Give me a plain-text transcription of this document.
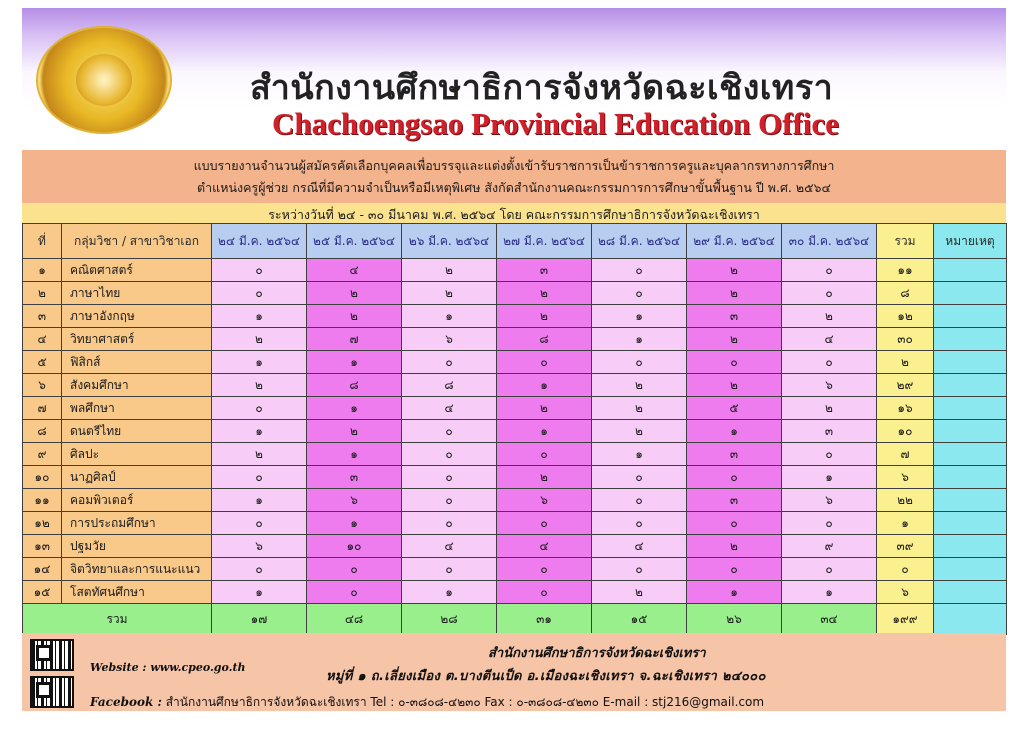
สำนักงานศึกษาธิการจังหวัดฉะเชิงเทรา
Chachoengsao Provincial Education Office
แบบรายงานจำนวนผู้สมัครคัดเลือกบุคคลเพื่อบรรจุและแต่งตั้งเข้ารับราชการเป็นข้าราชการครูและบุคลากรทางการศึกษา
ตำแหน่งครูผู้ช่วย กรณีที่มีความจำเป็นหรือมีเหตุพิเศษ สังกัดสำนักงานคณะกรรมการการศึกษาขั้นพื้นฐาน ปี พ.ศ. ๒๕๖๔
ระหว่างวันที่ ๒๔ - ๓๐ มีนาคม พ.ศ. ๒๕๖๔ โดย คณะกรรมการศึกษาธิการจังหวัดฉะเชิงเทรา
ที่	กลุ่มวิชา / สาขาวิชาเอก	๒๔ มี.ค. ๒๕๖๔	๒๕ มี.ค. ๒๕๖๔	๒๖ มี.ค. ๒๕๖๔	๒๗ มี.ค. ๒๕๖๔	๒๘ มี.ค. ๒๕๖๔	๒๙ มี.ค. ๒๕๖๔	๓๐ มี.ค. ๒๕๖๔	รวม	หมายเหตุ
๑	คณิตศาสตร์	๐	๔	๒	๓	๐	๒	๐	๑๑	
๒	ภาษาไทย	๐	๒	๒	๒	๐	๒	๐	๘	
๓	ภาษาอังกฤษ	๑	๒	๑	๒	๑	๓	๒	๑๒	
๔	วิทยาศาสตร์	๒	๗	๖	๘	๑	๒	๔	๓๐	
๕	ฟิสิกส์	๑	๑	๐	๐	๐	๐	๐	๒	
๖	สังคมศึกษา	๒	๘	๘	๑	๒	๒	๖	๒๙	
๗	พลศึกษา	๐	๑	๔	๒	๒	๕	๒	๑๖	
๘	ดนตรีไทย	๑	๒	๐	๑	๒	๑	๓	๑๐	
๙	ศิลปะ	๒	๑	๐	๐	๑	๓	๐	๗	
๑๐	นาฏศิลป์	๐	๓	๐	๒	๐	๐	๑	๖	
๑๑	คอมพิวเตอร์	๑	๖	๐	๖	๐	๓	๖	๒๒	
๑๒	การประถมศึกษา	๐	๑	๐	๐	๐	๐	๐	๑	
๑๓	ปฐมวัย	๖	๑๐	๔	๔	๔	๒	๙	๓๙	
๑๔	จิตวิทยาและการแนะแนว	๐	๐	๐	๐	๐	๐	๐	๐	
๑๕	โสตทัศนศึกษา	๑	๐	๑	๐	๒	๑	๑	๖	
รวม		๑๗	๔๘	๒๘	๓๑	๑๕	๒๖	๓๔	๑๙๙	
Website : www.cpeo.go.th
สำนักงานศึกษาธิการจังหวัดฉะเชิงเทรา
หมู่ที่ ๑ ถ.เลี่ยงเมือง ต.บางตีนเป็ด อ.เมืองฉะเชิงเทรา จ.ฉะเชิงเทรา ๒๔๐๐๐
Facebook : สำนักงานศึกษาธิการจังหวัดฉะเชิงเทรา Tel : ๐-๓๘๐๘-๔๒๓๐ Fax : ๐-๓๘๐๘-๔๒๓๐ E-mail : stj216@gmail.com
